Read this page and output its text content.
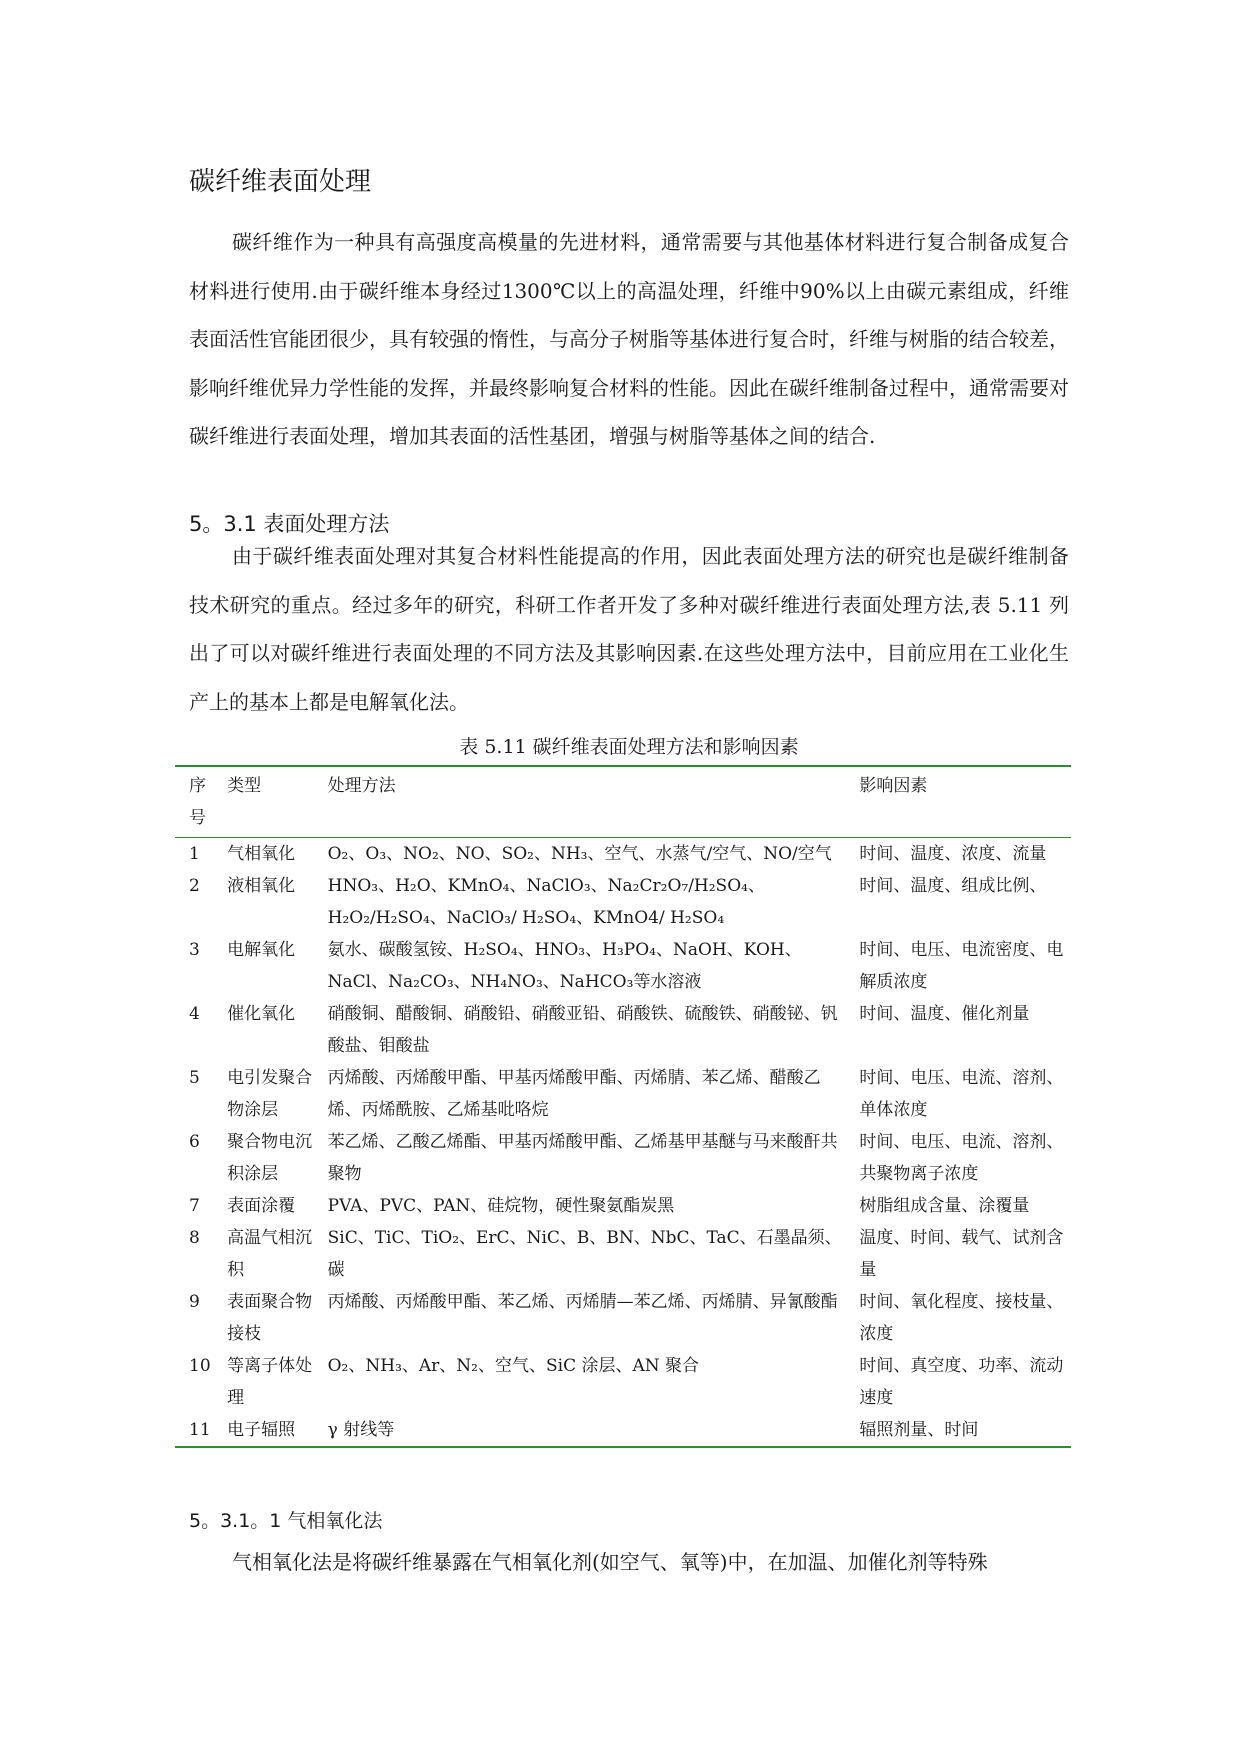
碳纤维表面处理

碳纤维作为一种具有高强度高模量的先进材料，通常需要与其他基体材料进行复合制备成复合材料进行使用.由于碳纤维本身经过1300℃以上的高温处理，纤维中90%以上由碳元素组成，纤维表面活性官能团很少，具有较强的惰性，与高分子树脂等基体进行复合时，纤维与树脂的结合较差，影响纤维优异力学性能的发挥，并最终影响复合材料的性能。因此在碳纤维制备过程中，通常需要对碳纤维进行表面处理，增加其表面的活性基团，增强与树脂等基体之间的结合.

5。3.1 表面处理方法

由于碳纤维表面处理对其复合材料性能提高的作用，因此表面处理方法的研究也是碳纤维制备技术研究的重点。经过多年的研究，科研工作者开发了多种对碳纤维进行表面处理方法,表 5.11 列出了可以对碳纤维进行表面处理的不同方法及其影响因素.在这些处理方法中，目前应用在工业化生产上的基本上都是电解氧化法。

表 5.11 碳纤维表面处理方法和影响因素
序号	类型	处理方法	影响因素
1	气相氧化	O₂、O₃、NO₂、NO、SO₂、NH₃、空气、水蒸气/空气、NO/空气	时间、温度、浓度、流量
2	液相氧化	HNO₃、H₂O、KMnO₄、NaClO₃、Na₂Cr₂O₇/H₂SO₄、H₂O₂/H₂SO₄、NaClO₃/ H₂SO₄、KMnO4/ H₂SO₄	时间、温度、组成比例、
3	电解氧化	氨水、碳酸氢铵、H₂SO₄、HNO₃、H₃PO₄、NaOH、KOH、NaCl、Na₂CO₃、NH₄NO₃、NaHCO₃等水溶液	时间、电压、电流密度、电解质浓度
4	催化氧化	硝酸铜、醋酸铜、硝酸铅、硝酸亚铅、硝酸铁、硫酸铁、硝酸铋、钒酸盐、钼酸盐	时间、温度、催化剂量
5	电引发聚合物涂层	丙烯酸、丙烯酸甲酯、甲基丙烯酸甲酯、丙烯腈、苯乙烯、醋酸乙烯、丙烯酰胺、乙烯基吡咯烷	时间、电压、电流、溶剂、单体浓度
6	聚合物电沉积涂层	苯乙烯、乙酸乙烯酯、甲基丙烯酸甲酯、乙烯基甲基醚与马来酸酐共聚物	时间、电压、电流、溶剂、共聚物离子浓度
7	表面涂覆	PVA、PVC、PAN、硅烷物，硬性聚氨酯炭黑	树脂组成含量、涂覆量
8	高温气相沉积	SiC、TiC、TiO₂、ErC、NiC、B、BN、NbC、TaC、石墨晶须、碳	温度、时间、载气、试剂含量
9	表面聚合物接枝	丙烯酸、丙烯酸甲酯、苯乙烯、丙烯腈—苯乙烯、丙烯腈、异氰酸酯	时间、氧化程度、接枝量、浓度
10	等离子体处理	O₂、NH₃、Ar、N₂、空气、SiC 涂层、AN 聚合	时间、真空度、功率、流动速度
11	电子辐照	γ 射线等	辐照剂量、时间
5。3.1。1 气相氧化法

气相氧化法是将碳纤维暴露在气相氧化剂(如空气、氧等)中，在加温、加催化剂等特殊
